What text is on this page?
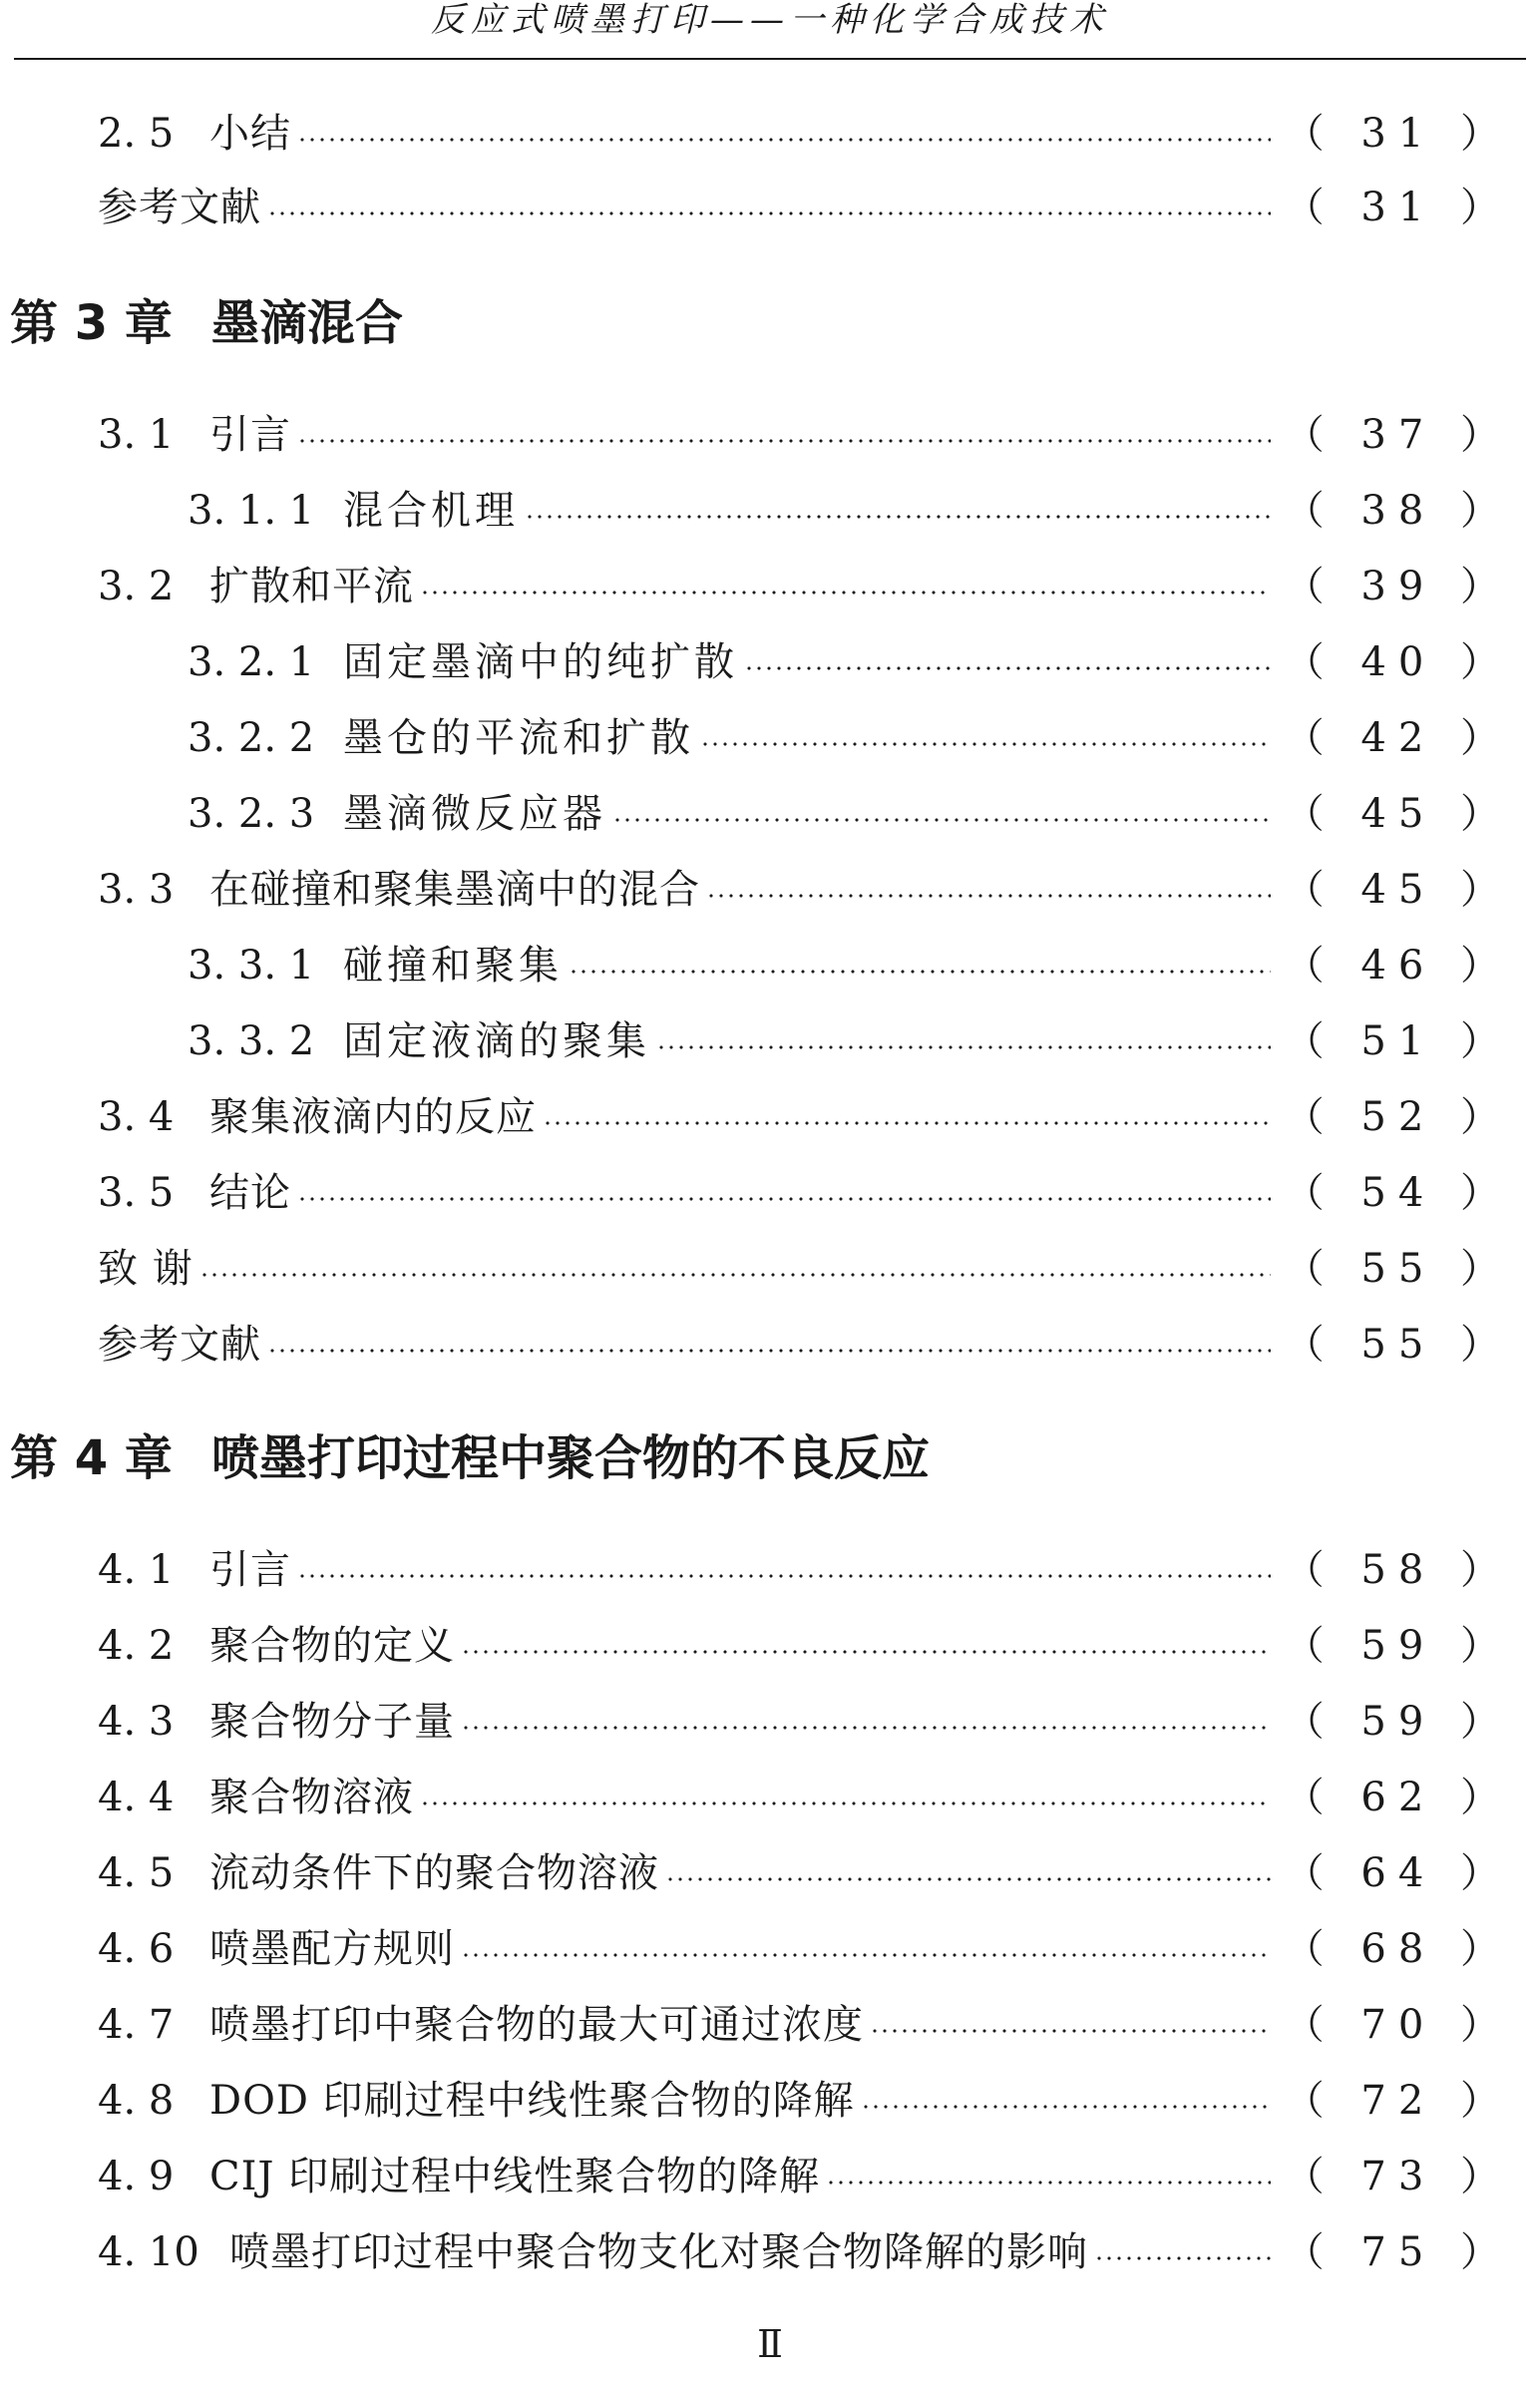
反应式喷墨打印——一种化学合成技术
2. 5 小结	（ 31 ）
参考文献	（ 31 ）
第 3 章 墨滴混合
3. 1 引言	（ 37 ）
3. 1. 1 混合机理	（ 38 ）
3. 2 扩散和平流	（ 39 ）
3. 2. 1 固定墨滴中的纯扩散	（ 40 ）
3. 2. 2 墨仓的平流和扩散	（ 42 ）
3. 2. 3 墨滴微反应器	（ 45 ）
3. 3 在碰撞和聚集墨滴中的混合	（ 45 ）
3. 3. 1 碰撞和聚集	（ 46 ）
3. 3. 2 固定液滴的聚集	（ 51 ）
3. 4 聚集液滴内的反应	（ 52 ）
3. 5 结论	（ 54 ）
致 谢	（ 55 ）
参考文献	（ 55 ）
第 4 章 喷墨打印过程中聚合物的不良反应
4. 1 引言	（ 58 ）
4. 2 聚合物的定义	（ 59 ）
4. 3 聚合物分子量	（ 59 ）
4. 4 聚合物溶液	（ 62 ）
4. 5 流动条件下的聚合物溶液	（ 64 ）
4. 6 喷墨配方规则	（ 68 ）
4. 7 喷墨打印中聚合物的最大可通过浓度	（ 70 ）
4. 8 DOD 印刷过程中线性聚合物的降解	（ 72 ）
4. 9 CIJ 印刷过程中线性聚合物的降解	（ 73 ）
4. 10 喷墨打印过程中聚合物支化对聚合物降解的影响	（ 75 ）
Ⅱ
